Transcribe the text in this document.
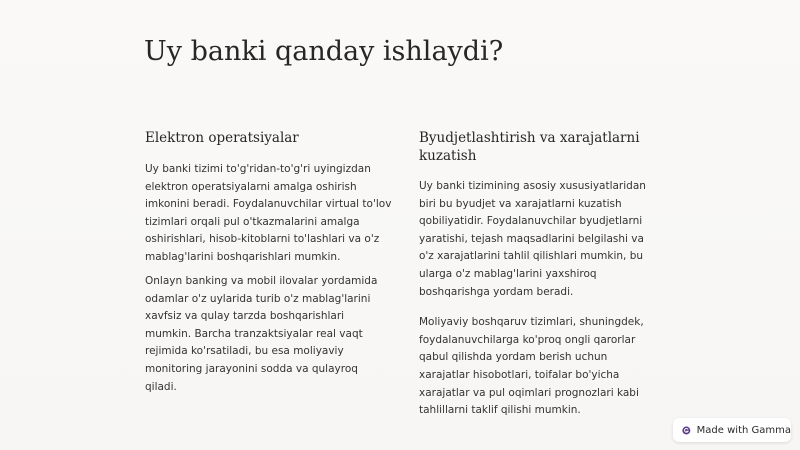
Uy banki qanday ishlaydi?
Elektron operatsiyalar

Uy banki tizimi to'g'ridan-to'g'ri uyingizdan elektron operatsiyalarni amalga oshirish imkonini beradi. Foydalanuvchilar virtual to'lov tizimlari orqali pul o'tkazmalarini amalga oshirishlari, hisob-kitoblarni to'lashlari va o'z mablag'larini boshqarishlari mumkin.

Onlayn banking va mobil ilovalar yordamida odamlar o'z uylarida turib o'z mablag'larini xavfsiz va qulay tarzda boshqarishlari mumkin. Barcha tranzaktsiyalar real vaqt rejimida ko'rsatiladi, bu esa moliyaviy monitoring jarayonini sodda va qulayroq qiladi.

Byudjetlashtirish va xarajatlarni kuzatish

Uy banki tizimining asosiy xususiyatlaridan biri bu byudjet va xarajatlarni kuzatish qobiliyatidir. Foydalanuvchilar byudjetlarni yaratishi, tejash maqsadlarini belgilashi va o'z xarajatlarini tahlil qilishlari mumkin, bu ularga o'z mablag'larini yaxshiroq boshqarishga yordam beradi.

Moliyaviy boshqaruv tizimlari, shuningdek, foydalanuvchilarga ko'proq ongli qarorlar qabul qilishda yordam berish uchun xarajatlar hisobotlari, toifalar bo'yicha xarajatlar va pul oqimlari prognozlari kabi tahlillarni taklif qilishi mumkin.

Made with Gamma
